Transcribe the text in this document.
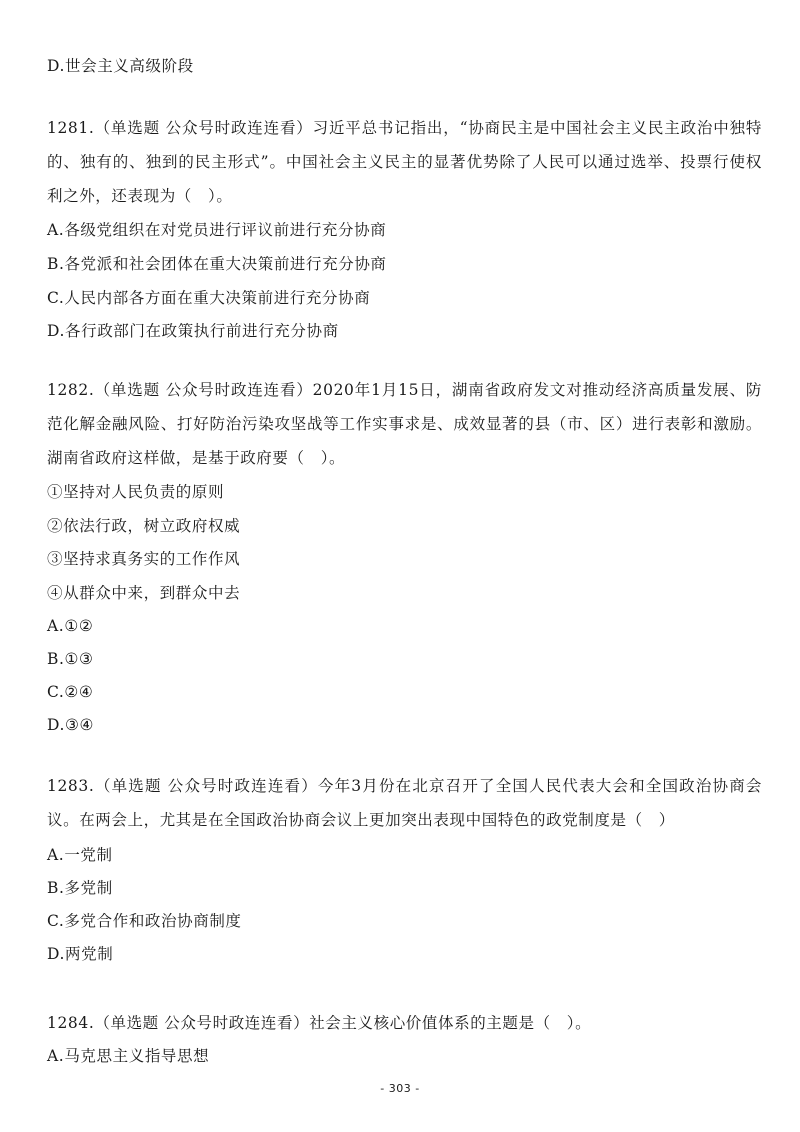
D.世会主义高级阶段
1281.（单选题 公众号时政连连看）习近平总书记指出，“协商民主是中国社会主义民主政治中独特的、独有的、独到的民主形式”。中国社会主义民主的显著优势除了人民可以通过选举、投票行使权利之外，还表现为（　）。
A.各级党组织在对党员进行评议前进行充分协商
B.各党派和社会团体在重大决策前进行充分协商
C.人民内部各方面在重大决策前进行充分协商
D.各行政部门在政策执行前进行充分协商
1282.（单选题 公众号时政连连看）2020年1月15日，湖南省政府发文对推动经济高质量发展、防范化解金融风险、打好防治污染攻坚战等工作实事求是、成效显著的县（市、区）进行表彰和激励。湖南省政府这样做，是基于政府要（　）。
①坚持对人民负责的原则
②依法行政，树立政府权威
③坚持求真务实的工作作风
④从群众中来，到群众中去
A.①②
B.①③
C.②④
D.③④
1283.（单选题 公众号时政连连看）今年3月份在北京召开了全国人民代表大会和全国政治协商会议。在两会上，尤其是在全国政治协商会议上更加突出表现中国特色的政党制度是（　）
A.一党制
B.多党制
C.多党合作和政治协商制度
D.两党制
1284.（单选题 公众号时政连连看）社会主义核心价值体系的主题是（　）。
A.马克思主义指导思想
- 303 -
